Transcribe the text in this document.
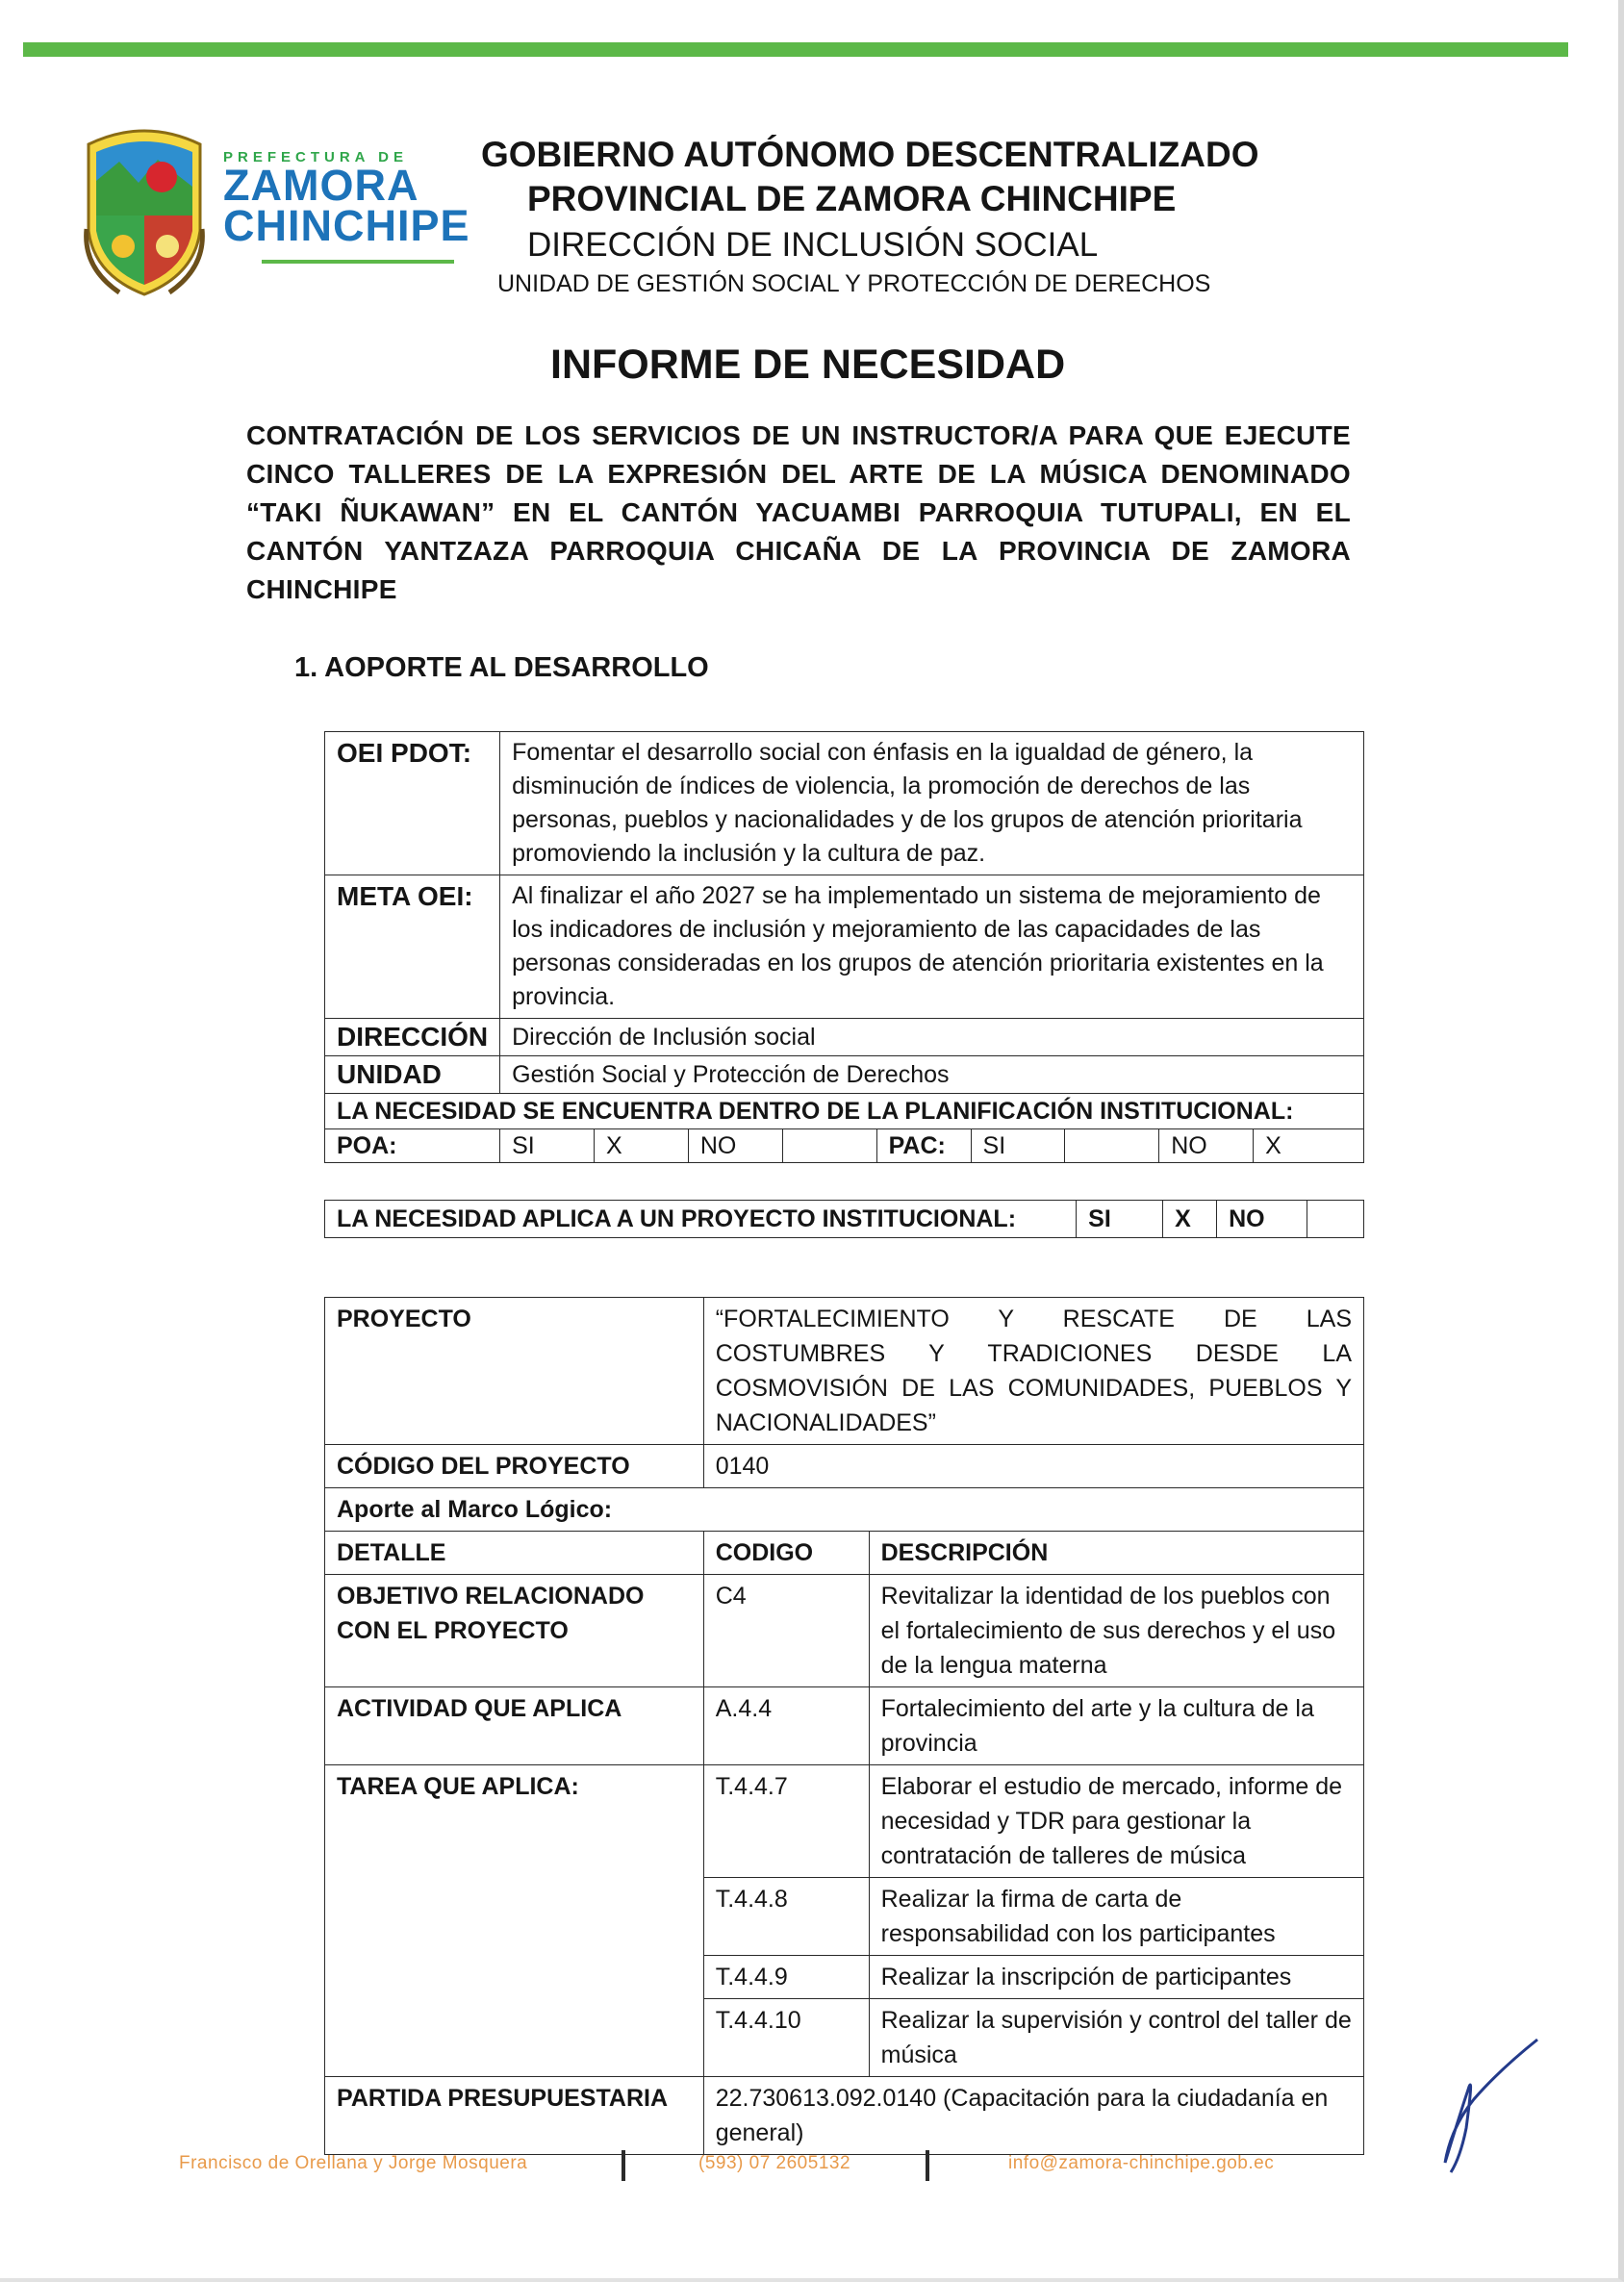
PREFECTURA DE
ZAMORA
CHINCHIPE
GOBIERNO AUTÓNOMO DESCENTRALIZADO
PROVINCIAL DE ZAMORA CHINCHIPE
DIRECCIÓN DE INCLUSIÓN SOCIAL
UNIDAD DE GESTIÓN SOCIAL Y PROTECCIÓN DE DERECHOS
INFORME DE NECESIDAD
CONTRATACIÓN DE LOS SERVICIOS DE UN INSTRUCTOR/A PARA QUE EJECUTE CINCO TALLERES DE LA EXPRESIÓN DEL ARTE DE LA MÚSICA DENOMINADO “TAKI ÑUKAWAN” EN EL CANTÓN YACUAMBI PARROQUIA TUTUPALI, EN EL CANTÓN YANTZAZA PARROQUIA CHICAÑA DE LA PROVINCIA DE ZAMORA CHINCHIPE
1. AOPORTE AL DESARROLLO
OEI PDOT:	Fomentar el desarrollo social con énfasis en la igualdad de género, la disminución de índices de violencia, la promoción de derechos de las personas, pueblos y nacionalidades y de los grupos de atención prioritaria promoviendo la inclusión y la cultura de paz.								
META OEI:	Al finalizar el año 2027 se ha implementado un sistema de mejoramiento de los indicadores de inclusión y mejoramiento de las capacidades de las personas consideradas en los grupos de atención prioritaria existentes en la provincia.								
DIRECCIÓN	Dirección de Inclusión social								
UNIDAD	Gestión Social y Protección de Derechos								
LA NECESIDAD SE ENCUENTRA DENTRO DE LA PLANIFICACIÓN INSTITUCIONAL:									
POA:	SI	X	NO		PAC:	SI		NO	X
LA NECESIDAD APLICA A UN PROYECTO INSTITUCIONAL:	SI	X	NO	
PROYECTO	“FORTALECIMIENTO Y RESCATE DE LAS COSTUMBRES Y TRADICIONES DESDE LA COSMOVISIÓN DE LAS COMUNIDADES, PUEBLOS Y NACIONALIDADES”	
CÓDIGO DEL PROYECTO	0140	
Aporte al Marco Lógico:		
DETALLE	CODIGO	DESCRIPCIÓN
OBJETIVO RELACIONADO CON EL PROYECTO	C4	Revitalizar la identidad de los pueblos con el fortalecimiento de sus derechos y el uso de la lengua materna
ACTIVIDAD QUE APLICA	A.4.4	Fortalecimiento del arte y la cultura de la provincia
TAREA QUE APLICA:	T.4.4.7	Elaborar el estudio de mercado, informe de necesidad y TDR para gestionar la contratación de talleres de música
	T.4.4.8	Realizar la firma de carta de responsabilidad con los participantes
	T.4.4.9	Realizar la inscripción de participantes
	T.4.4.10	Realizar la supervisión y control del taller de música
PARTIDA PRESUPUESTARIA	22.730613.092.0140 (Capacitación para la ciudadanía en general)	
Francisco de Orellana y Jorge Mosquera	(593) 07 2605132	info@zamora-chinchipe.gob.ec
